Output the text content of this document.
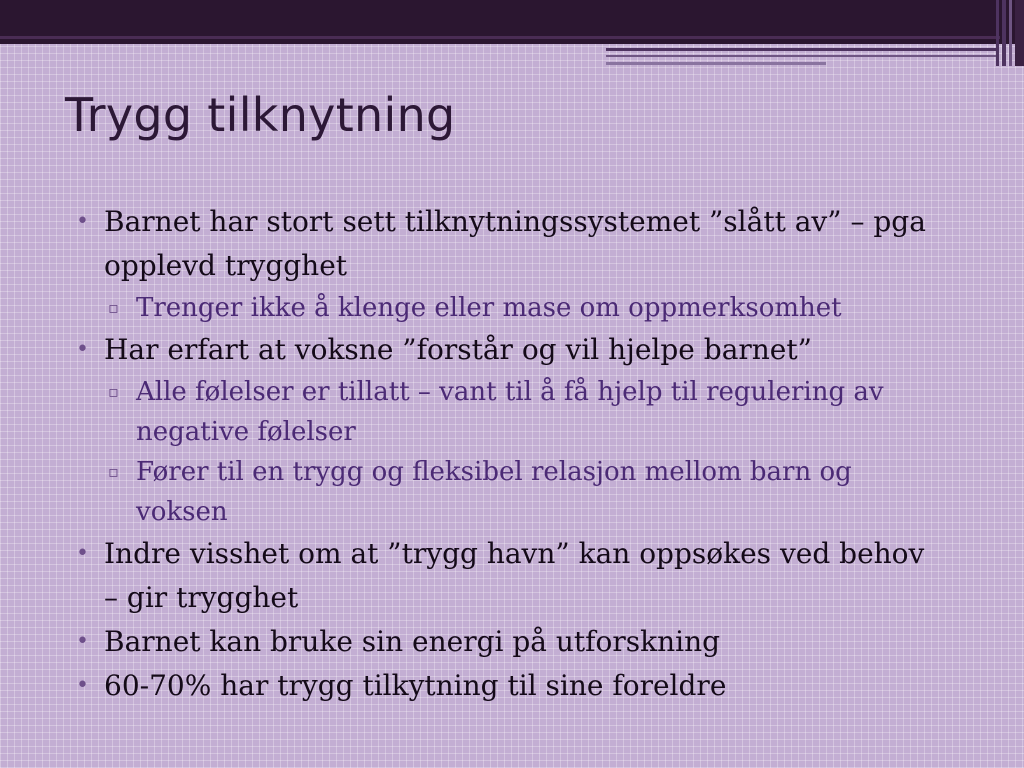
Trygg tilknytning
• Barnet har stort sett tilknytningssystemet ”slått av” – pga opplevd trygghet
▫ Trenger ikke å klenge eller mase om oppmerksomhet
• Har erfart at voksne ”forstår og vil hjelpe barnet”
▫ Alle følelser er tillatt – vant til å få hjelp til regulering av negative følelser
▫ Fører til en trygg og fleksibel relasjon mellom barn og voksen
• Indre visshet om at ”trygg havn” kan oppsøkes ved behov – gir trygghet
• Barnet kan bruke sin energi på utforskning
• 60-70% har trygg tilkytning til sine foreldre
